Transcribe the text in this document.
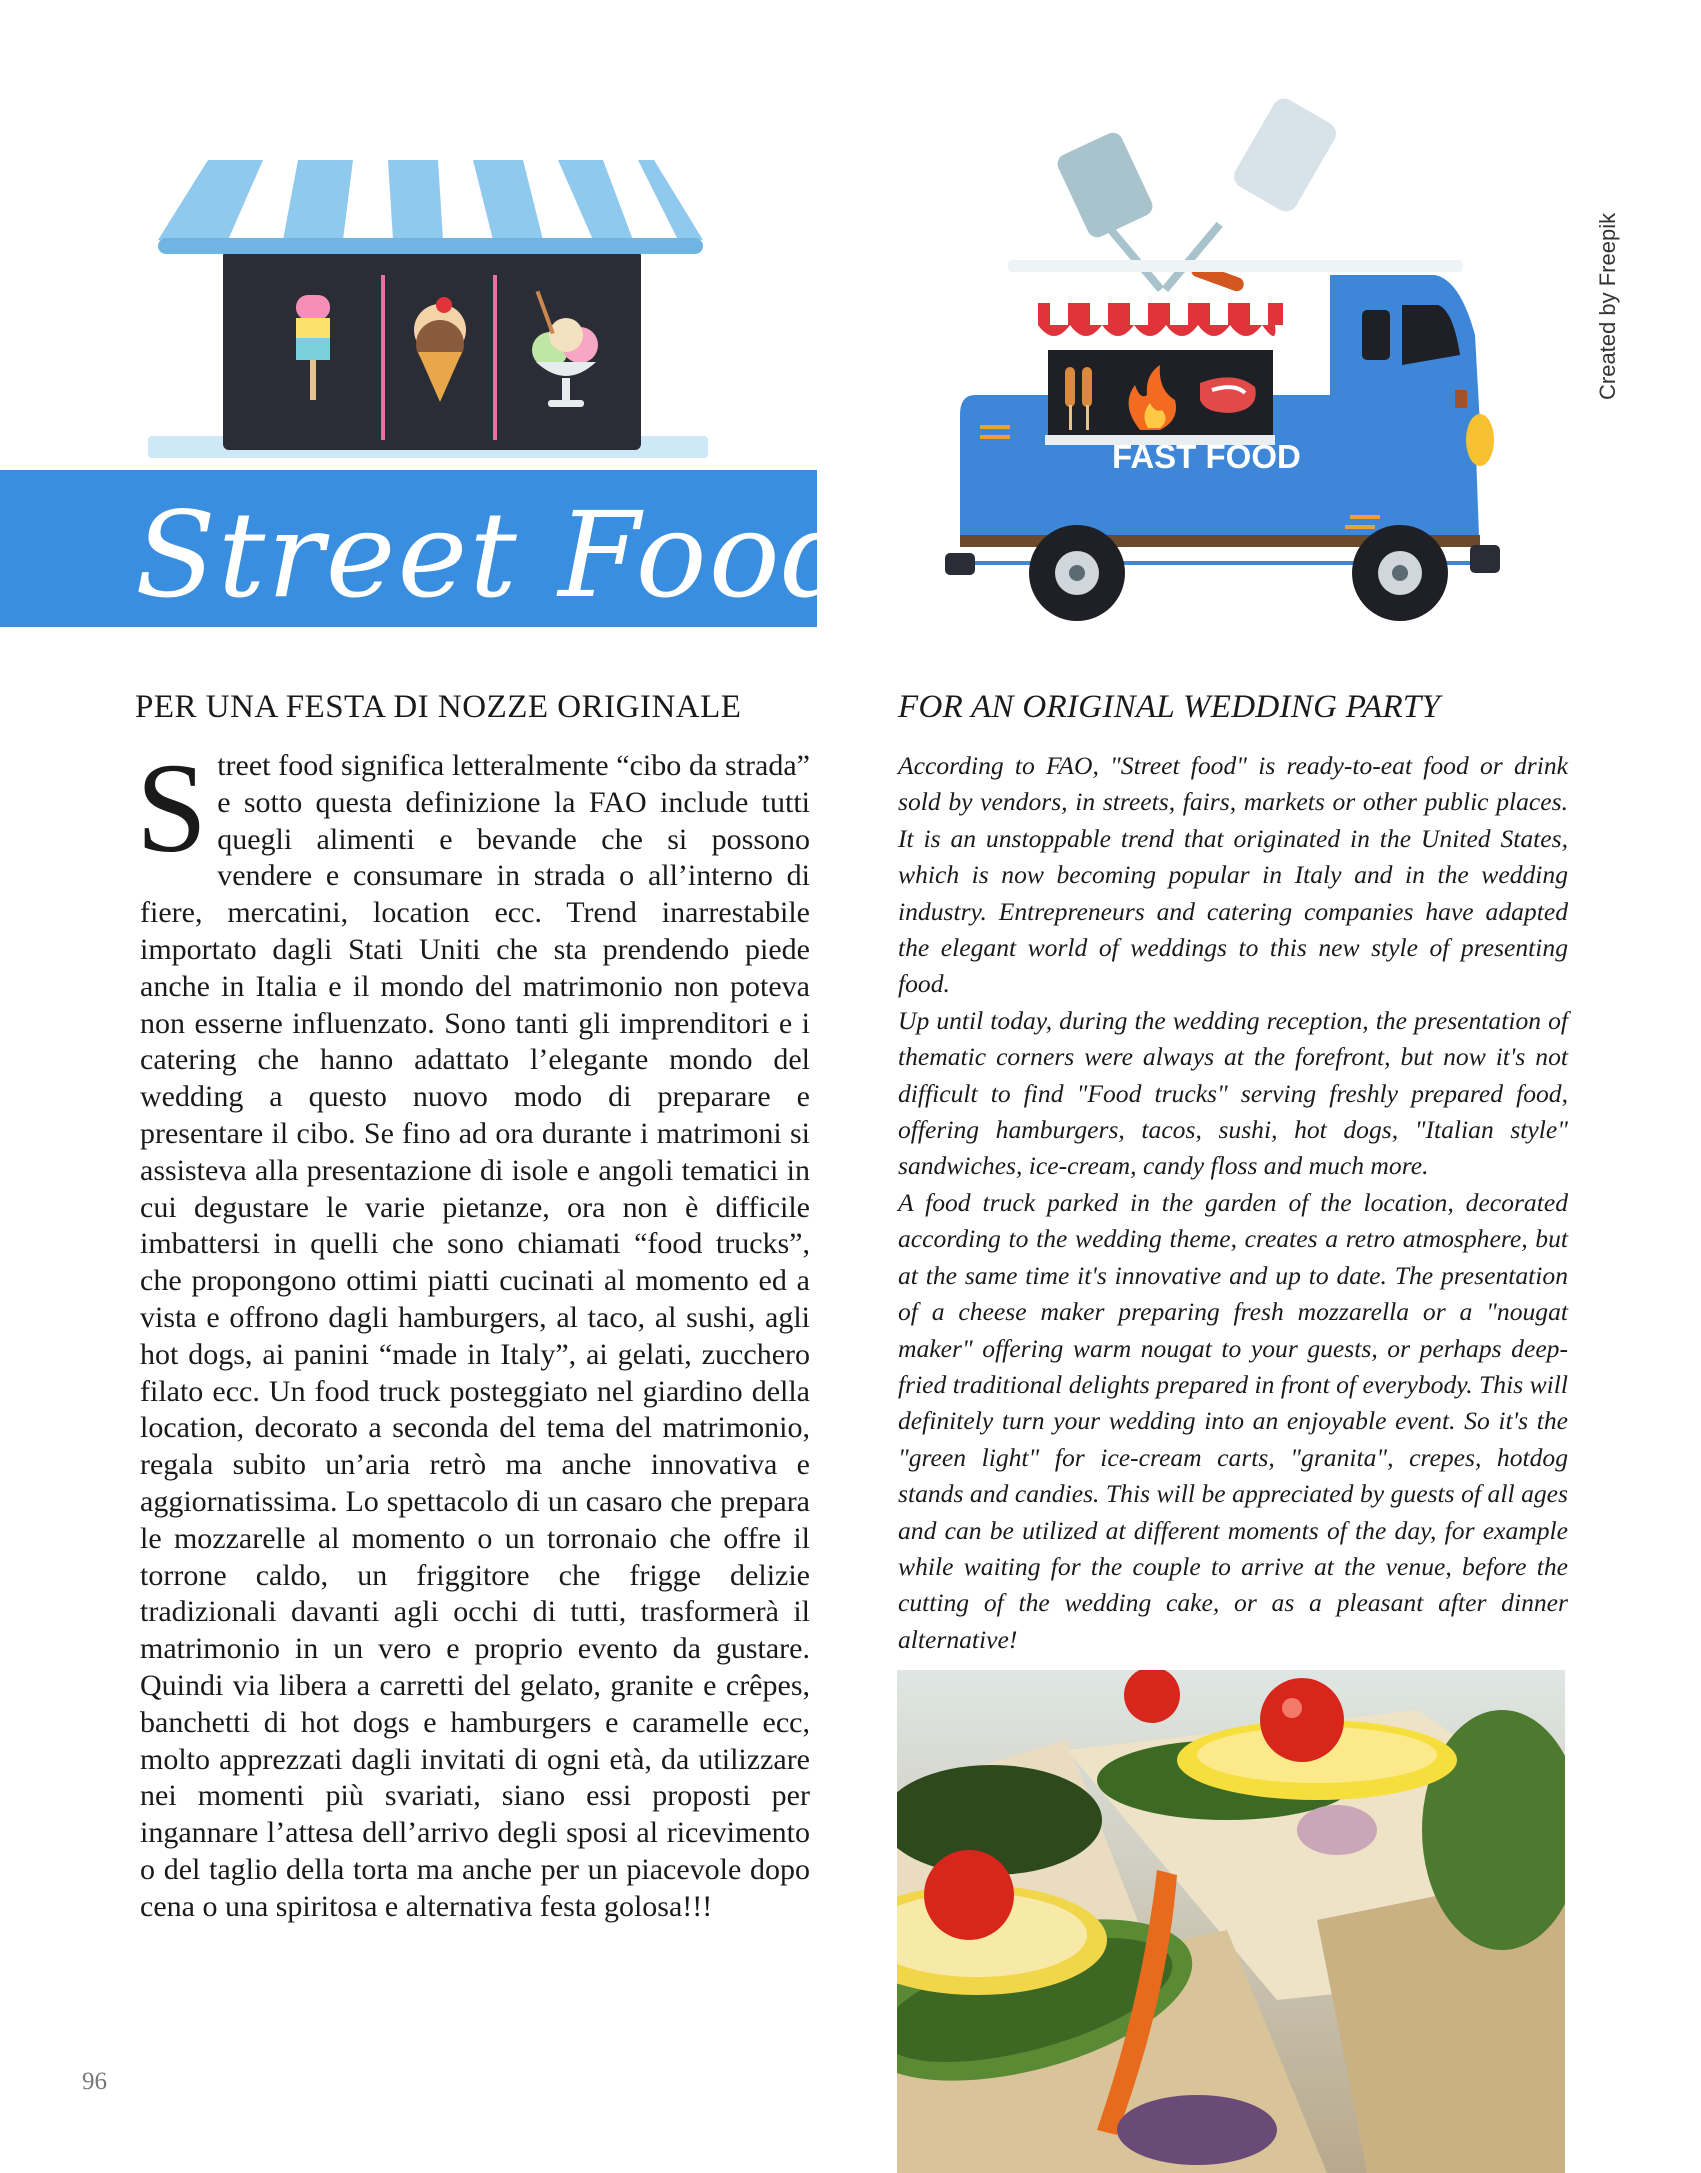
Street Food
FAST FOOD
Created by Freepik
PER UNA FESTA DI NOZZE ORIGINALE	FOR AN ORIGINAL WEDDING PARTY
S treet food significa letteralmente “cibo da strada” e sotto questa definizione la FAO include tutti quegli alimenti e bevande che si possono vendere e consumare in strada o all’interno di fiere, mercatini, location ecc. Trend inarrestabile importato dagli Stati Uniti che sta prendendo piede anche in Italia e il mondo del matrimonio non poteva non esserne influenzato. Sono tanti gli imprenditori e i catering che hanno adattato l’elegante mondo del wedding a questo nuovo modo di preparare e presentare il cibo. Se fino ad ora durante i matrimoni si assisteva alla presentazione di isole e angoli tematici in cui degustare le varie pietanze, ora non è difficile imbattersi in quelli che sono chiamati “food trucks”, che propongono ottimi piatti cucinati al momento ed a vista e offrono dagli hamburgers, al taco, al sushi, agli hot dogs, ai panini “made in Italy”, ai gelati, zucchero filato ecc. Un food truck posteggiato nel giardino della location, decorato a seconda del tema del matrimonio, regala subito un’aria retrò ma anche innovativa e aggiornatissima. Lo spettacolo di un casaro che prepara le mozzarelle al momento o un torronaio che offre il torrone caldo, un friggitore che frigge delizie tradizionali davanti agli occhi di tutti, trasformerà il matrimonio in un vero e proprio evento da gustare. Quindi via libera a carretti del gelato, granite e crêpes, banchetti di hot dogs e hamburgers e caramelle ecc, molto apprezzati dagli invitati di ogni età, da utilizzare nei momenti più svariati, siano essi proposti per ingannare l’attesa dell’arrivo degli sposi al ricevimento o del taglio della torta ma anche per un piacevole dopo cena o una spiritosa e alternativa festa golosa!!!

According to FAO, "Street food" is ready-to-eat food or drink sold by vendors, in streets, fairs, markets or other public places. It is an unstoppable trend that originated in the United States, which is now becoming popular in Italy and in the wedding industry. Entrepreneurs and catering companies have adapted the elegant world of weddings to this new style of presenting food.

Up until today, during the wedding reception, the presentation of thematic corners were always at the forefront, but now it's not difficult to find "Food trucks" serving freshly prepared food, offering hamburgers, tacos, sushi, hot dogs, "Italian style" sandwiches, ice-cream, candy floss and much more.

A food truck parked in the garden of the location, decorated according to the wedding theme, creates a retro atmosphere, but at the same time it's innovative and up to date. The presentation of a cheese maker preparing fresh mozzarella or a "nougat maker" offering warm nougat to your guests, or perhaps deep-fried traditional delights prepared in front of everybody. This will definitely turn your wedding into an enjoyable event. So it's the "green light" for ice-cream carts, "granita", crepes, hotdog stands and candies. This will be appreciated by guests of all ages and can be utilized at different moments of the day, for example while waiting for the couple to arrive at the venue, before the cutting of the wedding cake, or as a pleasant after dinner alternative!

96
